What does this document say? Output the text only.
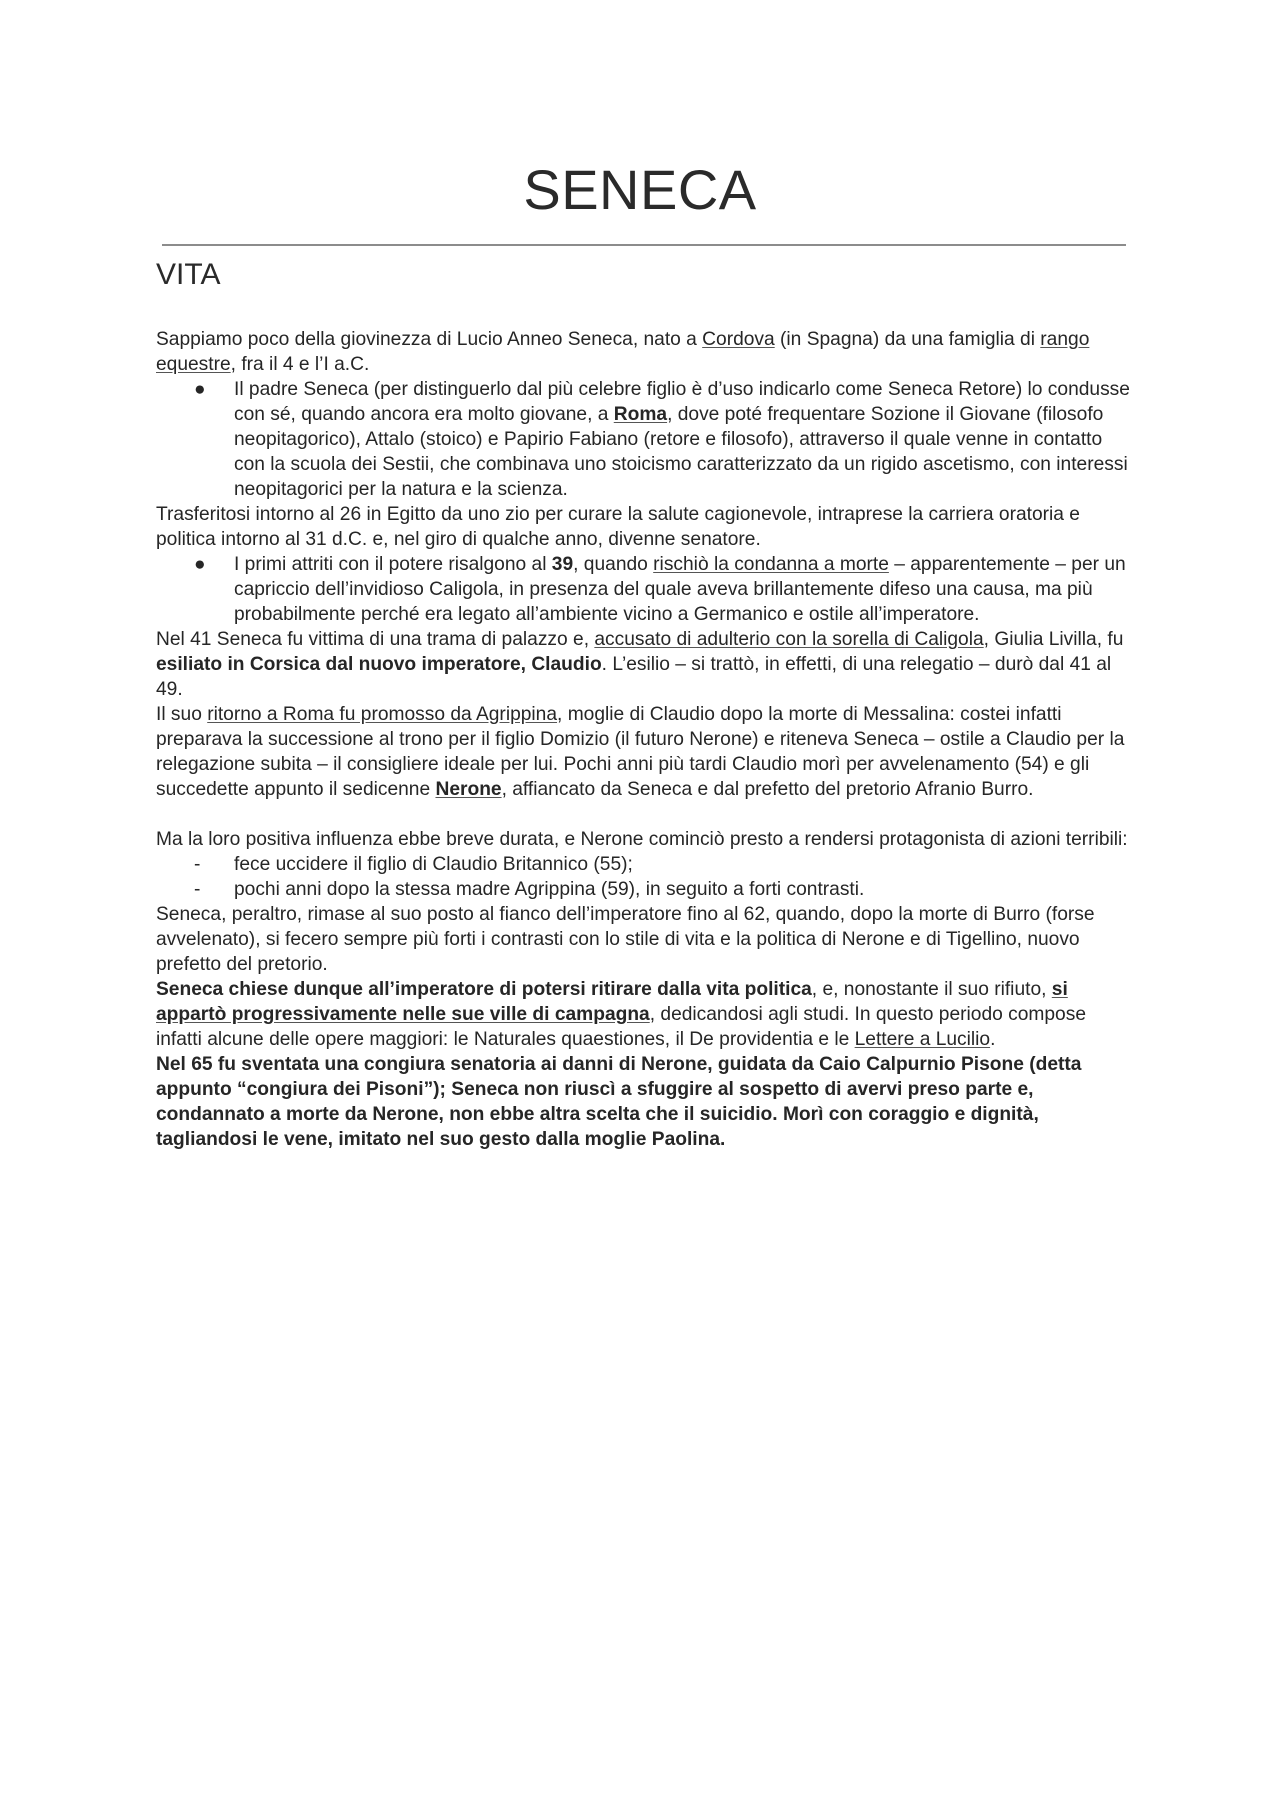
SENECA
VITA

Sappiamo poco della giovinezza di Lucio Anneo Seneca, nato a Cordova (in Spagna) da una famiglia di rango equestre, fra il 4 e l’I a.C.

● Il padre Seneca (per distinguerlo dal più celebre figlio è d’uso indicarlo come Seneca Retore) lo condusse con sé, quando ancora era molto giovane, a Roma, dove poté frequentare Sozione il Giovane (filosofo neopitagorico), Attalo (stoico) e Papirio Fabiano (retore e filosofo), attraverso il quale venne in contatto con la scuola dei Sestii, che combinava uno stoicismo caratterizzato da un rigido ascetismo, con interessi neopitagorici per la natura e la scienza.

Trasferitosi intorno al 26 in Egitto da uno zio per curare la salute cagionevole, intraprese la carriera oratoria e politica intorno al 31 d.C. e, nel giro di qualche anno, divenne senatore.

● I primi attriti con il potere risalgono al 39, quando rischiò la condanna a morte – apparentemente – per un capriccio dell’invidioso Caligola, in presenza del quale aveva brillantemente difeso una causa, ma più probabilmente perché era legato all’ambiente vicino a Germanico e ostile all’imperatore.

Nel 41 Seneca fu vittima di una trama di palazzo e, accusato di adulterio con la sorella di Caligola, Giulia Livilla, fu esiliato in Corsica dal nuovo imperatore, Claudio. L’esilio – si trattò, in effetti, di una relegatio – durò dal 41 al 49.

Il suo ritorno a Roma fu promosso da Agrippina, moglie di Claudio dopo la morte di Messalina: costei infatti preparava la successione al trono per il figlio Domizio (il futuro Nerone) e riteneva Seneca – ostile a Claudio per la relegazione subita – il consigliere ideale per lui. Pochi anni più tardi Claudio morì per avvelenamento (54) e gli succedette appunto il sedicenne Nerone, affiancato da Seneca e dal prefetto del pretorio Afranio Burro.

Ma la loro positiva influenza ebbe breve durata, e Nerone cominciò presto a rendersi protagonista di azioni terribili:

- fece uccidere il figlio di Claudio Britannico (55);

- pochi anni dopo la stessa madre Agrippina (59), in seguito a forti contrasti.

Seneca, peraltro, rimase al suo posto al fianco dell’imperatore fino al 62, quando, dopo la morte di Burro (forse avvelenato), si fecero sempre più forti i contrasti con lo stile di vita e la politica di Nerone e di Tigellino, nuovo prefetto del pretorio.

Seneca chiese dunque all’imperatore di potersi ritirare dalla vita politica, e, nonostante il suo rifiuto, si appartò progressivamente nelle sue ville di campagna, dedicandosi agli studi. In questo periodo compose infatti alcune delle opere maggiori: le Naturales quaestiones, il De providentia e le Lettere a Lucilio.

Nel 65 fu sventata una congiura senatoria ai danni di Nerone, guidata da Caio Calpurnio Pisone (detta appunto “congiura dei Pisoni”); Seneca non riuscì a sfuggire al sospetto di avervi preso parte e, condannato a morte da Nerone, non ebbe altra scelta che il suicidio. Morì con coraggio e dignità, tagliandosi le vene, imitato nel suo gesto dalla moglie Paolina.
